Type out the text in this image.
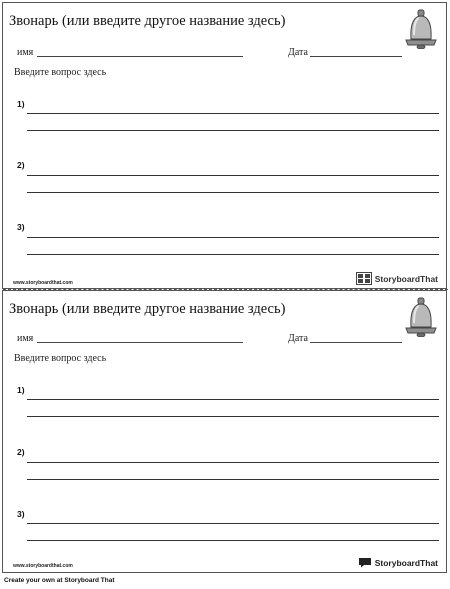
Звонарь (или введите другое название здесь)
имя	Дата
Введите вопрос здесь
1)
2)
3)
www.storyboardthat.com	StoryboardThat
Звонарь (или введите другое название здесь)
имя	Дата
Введите вопрос здесь
1)
2)
3)
www.storyboardthat.com	StoryboardThat
Create your own at Storyboard That
